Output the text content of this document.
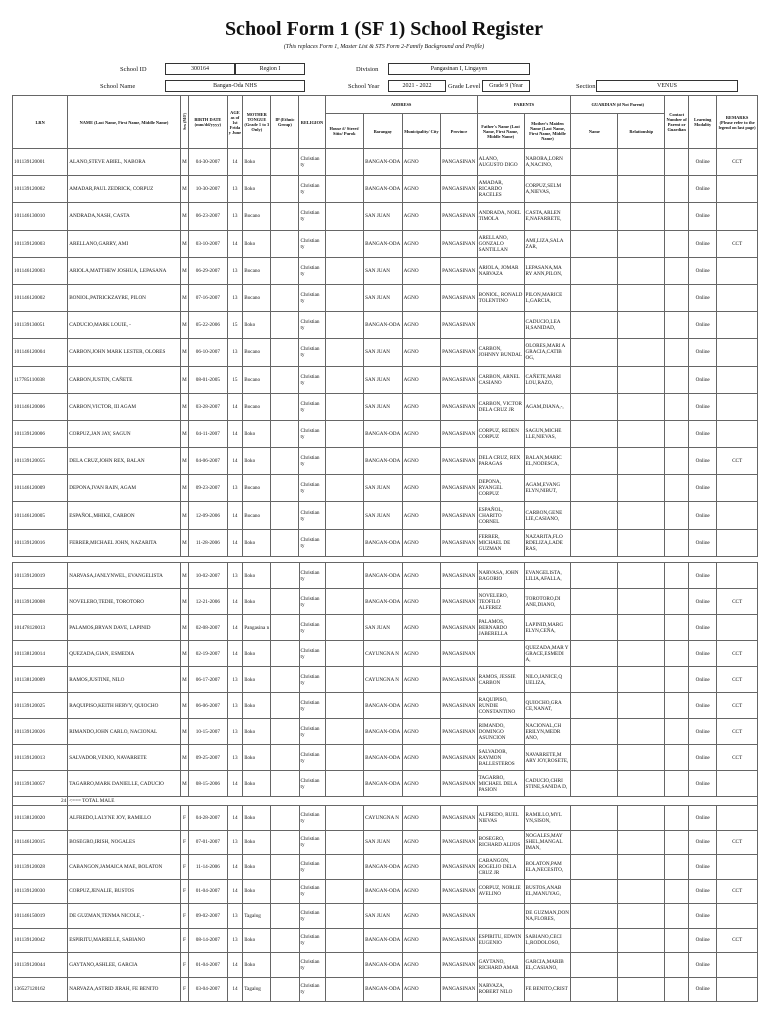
School Form 1 (SF 1) School Register
(This replaces Form 1, Master List & STS Form 2-Family Background and Profile)
School ID	300164	Region I	Division	Pangasinan I, Lingayen
School Name	Bangan-Oda NHS	School Year	2021 - 2022	Grade Level	Grade 9 (Year	Section	VENUS
LRN	NAME (Last Name, First Name, Middle Name)	Sex (M/F)	BIRTH DATE (mm/dd/yyyy)	AGE as of 1st Friday June	MOTHER TONGUE (Grade 1 to 3 Only)	IP (Ethnic Group)	RELIGION	ADDRESS				PARENTS		GUARDIAN (if Not Parent)		Contact Number of Parent or Guardian	Learning Modality	REMARKS
(Please refer to the legend on last page)

								House #/ Street/ Sitio/ Purok	Barangay	Municipality/ City	Province	Father's Name (Last Name, First Name, Middle Name)	Mother's Maiden Name (Last Name, First Name, Middle Name)	Name	Relationship			
101139120001	ALANO,STEVE ABIEL, NABORA	M	04-30-2007	14	Iloko		Christian ty		BANGAN-ODA	AGNO	PANGASINAN	ALANO, AUGUSTO DIGO	NABORA,LORN A,NACINO,				Online	CCT
101139120002	AMADAR,PAUL ZEDRICK, CORPUZ	M	10-30-2007	13	Iloko		Christian ty		BANGAN-ODA	AGNO	PANGASINAN	AMADAR, RICARDO RACELES	CORPUZ,SELM A,NIEVAS,				Online	
101146130010	ANDRADA,NASH, CASTA	M	06-23-2007	13	Bocano		Christian ty		SAN JUAN	AGNO	PANGASINAN	ANDRADA, NOEL TIMOLA	CASTA,ARLEN E,NAFARRETE,				Online	
101139120003	ARELLANO,GARRY, AMI	M	03-10-2007	14	Iloko		Christian ty		BANGAN-ODA	AGNO	PANGASINAN	ARELLANO, GONZALO SANTILLAN	AMI,LIZA,SALA ZAR,				Online	CCT
101146120003	ARIOLA,MATTHEW JOSHUA, LEPASANA	M	06-29-2007	13	Bocano		Christian ty		SAN JUAN	AGNO	PANGASINAN	ARIOLA, JOMAR NARVAZA	LEPASANA,MA RY ANN,PILON,				Online	
101146120002	BONIOL,PATRICKZAYRE, PILON	M	07-16-2007	13	Bocano		Christian ty		SAN JUAN	AGNO	PANGASINAN	BONIOL, RONALD TOLENTINO	PILON,MARICE L,GARCIA,				Online	
101139130051	CADUCIO,MARK LOUIE, -	M	05-22-2006	15	Iloko		Christian ty		BANGAN-ODA	AGNO	PANGASINAN		CADUCIO,LEA H,SANIDAD,				Online	
101146120004	CARBON,JOHN MARK LESTER, OLORES	M	06-10-2007	13	Bocano		Christian ty		SAN JUAN	AGNO	PANGASINAN	CARBON, JOHNNY BUNDAL	OLORES,MARI A GRACIA,CATIB OG,				Online	
117785110038	CARBON,JUSTIN, CAÑETE	M	08-01-2005	15	Bocano		Christian ty		SAN JUAN	AGNO	PANGASINAN	CARBON, ARNEL CASIANO	CAÑETE,MARI LOU,RAZO,				Online	
101146120006	CARBON,VICTOR, III AGAM	M	03-28-2007	14	Bocano		Christian ty		SAN JUAN	AGNO	PANGASINAN	CARBON, VICTOR DELA CRUZ JR	AGAM,DIANA,-,				Online	
101139120006	CORPUZ,JAN JAY, SAGUN	M	04-11-2007	14	Iloko		Christian ty		BANGAN-ODA	AGNO	PANGASINAN	CORPUZ, REDEN CORPUZ	SAGUN,MICHE LLE,NIEVAS,				Online	
101139120055	DELA CRUZ,JOHN REX, BALAN	M	04-06-2007	14	Iloko		Christian ty		BANGAN-ODA	AGNO	PANGASINAN	DELA CRUZ, REX PARAGAS	BALAN,MARIC EL,NODESCA,				Online	CCT
101146120009	DEPONA,IVAN RAIN, AGAM	M	09-23-2007	13	Bocano		Christian ty		SAN JUAN	AGNO	PANGASINAN	DEPONA, RYANGEL CORPUZ	AGAM,EVANG ELYN,NIBUT,				Online	
101146120005	ESPAÑOL,MHIKE, CARBON	M	12-09-2006	14	Bocano		Christian ty		SAN JUAN	AGNO	PANGASINAN	ESPAÑOL, CHARITO CORNEL	CARBON,GENE LIE,CASIANO,				Online	
101139120016	FERRER,MICHAEL JOHN, NAZARITA	M	11-28-2006	14	Iloko		Christian ty		BANGAN-ODA	AGNO	PANGASINAN	FERRER, MICHAEL DE GUZMAN	NAZARITA,FLO RDELIZA,LADE RAS,				Online	
101139120019	NARVASA,JANLYNWEL, EVANGELISTA	M	10-02-2007	13	Iloko		Christian ty		BANGAN-ODA	AGNO	PANGASINAN	NARVASA, JOHN BAGORIO	EVANGELISTA, LILIA,AFALLA,				Online	
101139120008	NOVELERO,TEDIE, TOROTORO	M	12-21-2006	14	Iloko		Christian ty		BANGAN-ODA	AGNO	PANGASINAN	NOVELERO, TEOFILO ALFEREZ	TOROTORO,DI ANE,DIANO,				Online	CCT
101478120013	PALAMOS,BRYAN DAVE, LAPINID	M	02-08-2007	14	Pangasina n		Christian ty		SAN JUAN	AGNO	PANGASINAN	PALAMOS, BERNARDO JABERELLA	LAPINID,MARG ELYN,CEÑA,				Online	
101138120014	QUEZADA,GIAN, ESMEDIA	M	02-19-2007	14	Iloko		Christian ty		CAYUNGNA N	AGNO	PANGASINAN		QUEZADA,MAR Y GRACE,ESMEDI A,				Online	CCT
101138120009	RAMOS,JUSTINE, NILO	M	06-17-2007	13	Iloko		Christian ty		CAYUNGNA N	AGNO	PANGASINAN	RAMOS, JESSIE CARBON	NILO,JANICE,Q UELIZA,				Online	CCT
101139120025	RAQUIPISO,KEITH HERVY, QUIOCHO	M	06-06-2007	13	Iloko		Christian ty		BANGAN-ODA	AGNO	PANGASINAN	RAQUIPISO, RUNDIE CONSTANTINO	QUIOCHO,GRA CE,NANAT,				Online	CCT
101139120026	RIMANDO,JOHN CARLO, NACIONAL	M	10-15-2007	13	Iloko		Christian ty		BANGAN-ODA	AGNO	PANGASINAN	RIMANDO, DOMINGO ASUNCION	NACIONAL,CH ERILYN,MEDR ANO,				Online	CCT
101139120013	SALVADOR,VENJO, NAVARRETE	M	09-25-2007	13	Iloko		Christian ty		BANGAN-ODA	AGNO	PANGASINAN	SALVADOR, RAYMON BALLESTEROS	NAVARRETE,M ARY JOY,ROSETE,				Online	CCT
101139130057	TAGARRO,MARK DANIELLE, CADUCIO	M	08-15-2006	14	Iloko		Christian ty		BANGAN-ODA	AGNO	PANGASINAN	TAGARRO, MICHAEL DELA PASION	CADUCIO,CHRI STINE,SANIDA D,				Online	
24	<=== TOTAL MALE																	
101138120020	ALFREDO,LALYNE JOY, RAMILLO	F	04-28-2007	14	Iloko		Christian ty		CAYUNGNA N	AGNO	PANGASINAN	ALFREDO, RUEL NIEVAS	RAMILLO,MYL YN,SISON,				Online	
101146120015	BOSEGRO,IRISH, NOGALES	F	07-01-2007	13	Iloko		Christian ty		SAN JUAN	AGNO	PANGASINAN	BOSEGRO, RICHARD ALIJOS	NOGALES,MAY SHEL,MANGAL IMAN,				Online	CCT
101139120028	CABANGON,JAMAICA MAE, BOLATON	F	11-14-2006	14	Iloko		Christian ty		BANGAN-ODA	AGNO	PANGASINAN	CABANGON, ROGELIO DELA CRUZ JR	BOLATON,PAM ELA,NECESITO,				Online	
101139120030	CORPUZ,JENALIE, BUSTOS	F	01-04-2007	14	Iloko		Christian ty		BANGAN-ODA	AGNO	PANGASINAN	CORPUZ, NORLIE AVELINO	BUSTOS,ANAB EL,MANUYAG,				Online	CCT
101146150019	DE GUZMAN,TENMA NICOLE, -	F	09-02-2007	13	Tagalog		Christian ty		SAN JUAN	AGNO	PANGASINAN		DE GUZMAN,DON NA,FLORES,				Online	
101139120042	ESPIRITU,MARIELLE, SABIANO	F	08-14-2007	13	Iloko		Christian ty		BANGAN-ODA	AGNO	PANGASINAN	ESPIRITU, EDWIN EUGENIO	SABIANO,CECI L,RODOLOSO,				Online	CCT
101139120044	GAYTANO,ASHLEE, GARCIA	F	01-04-2007	14	Iloko		Christian ty		BANGAN-ODA	AGNO	PANGASINAN	GAYTANO, RICHARD AMAR	GARCIA,MARIB EL,CASIANO,				Online	
136527120162	NARVAZA,ASTRID JIRAH, FE BENITO	F	03-04-2007	14	Tagalog		Christian ty		BANGAN-ODA	AGNO	PANGASINAN	NARVAZA, ROBERT NILO	FE BENITO,CRIST				Online	
